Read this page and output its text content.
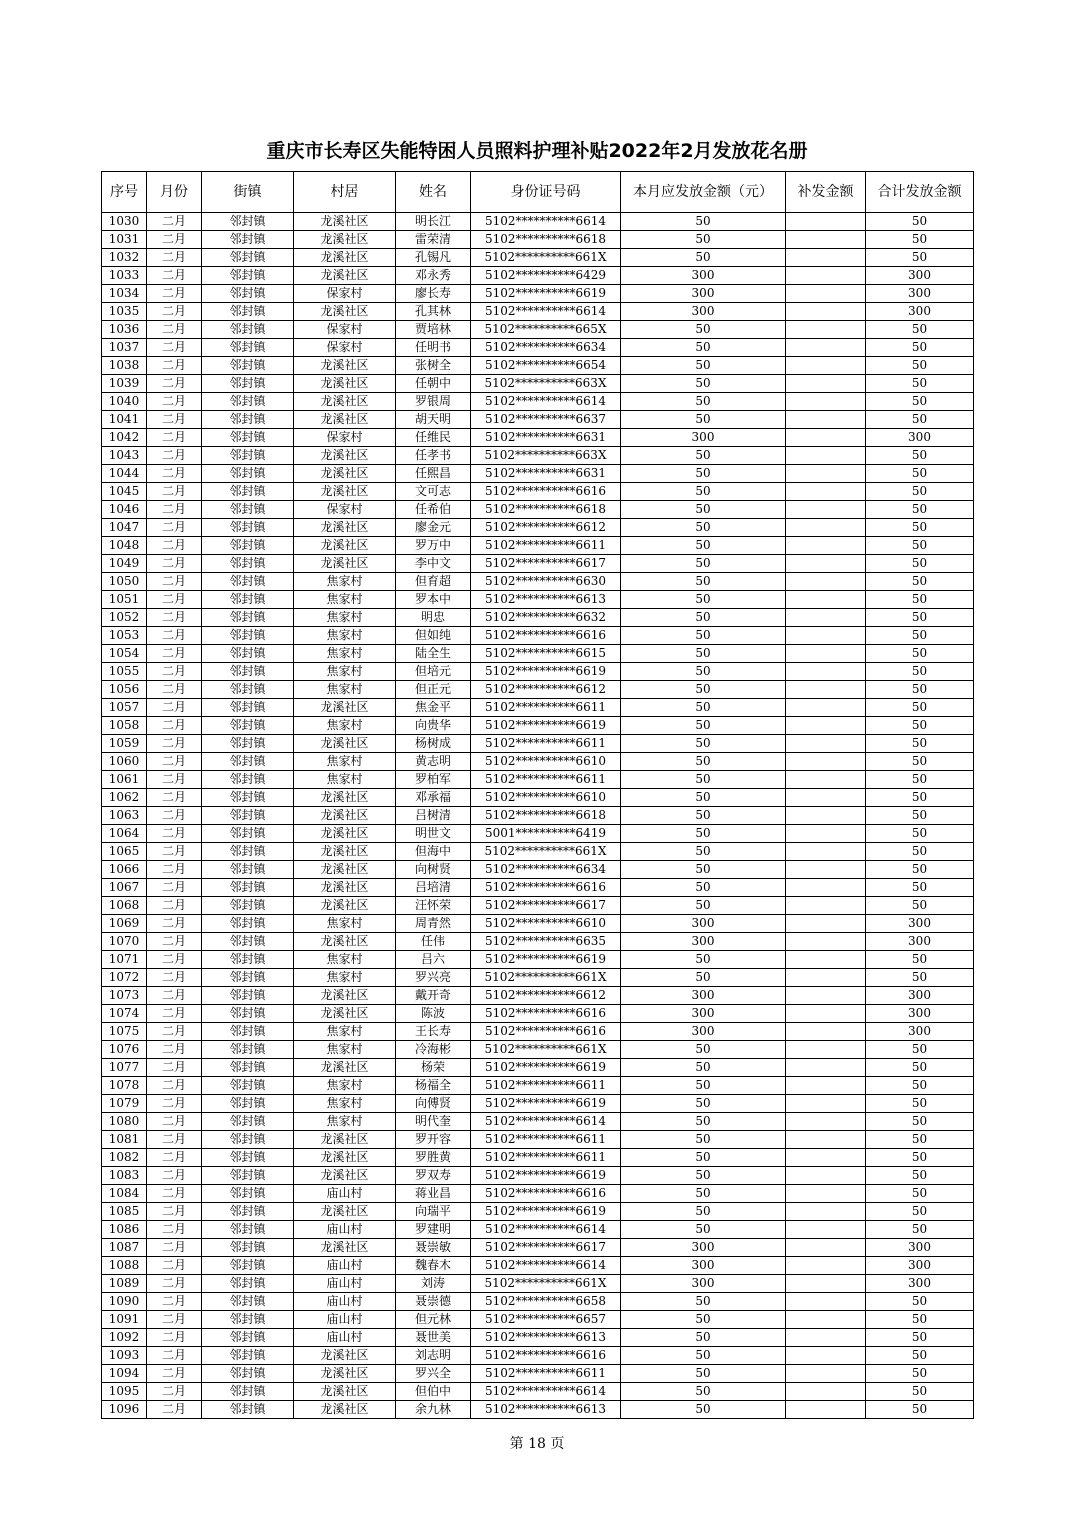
重庆市长寿区失能特困人员照料护理补贴2022年2月发放花名册
序号	月份	街镇	村居	姓名	身份证号码	本月应发放金额（元）	补发金额	合计发放金额
1030	二月	邻封镇	龙溪社区	明长江	5102**********6614	50		50
1031	二月	邻封镇	龙溪社区	雷荣清	5102**********6618	50		50
1032	二月	邻封镇	龙溪社区	孔锡凡	5102**********661X	50		50
1033	二月	邻封镇	龙溪社区	邓永秀	5102**********6429	300		300
1034	二月	邻封镇	保家村	廖长寿	5102**********6619	300		300
1035	二月	邻封镇	龙溪社区	孔其林	5102**********6614	300		300
1036	二月	邻封镇	保家村	贾培林	5102**********665X	50		50
1037	二月	邻封镇	保家村	任明书	5102**********6634	50		50
1038	二月	邻封镇	龙溪社区	张树全	5102**********6654	50		50
1039	二月	邻封镇	龙溪社区	任朝中	5102**********663X	50		50
1040	二月	邻封镇	龙溪社区	罗银周	5102**********6614	50		50
1041	二月	邻封镇	龙溪社区	胡天明	5102**********6637	50		50
1042	二月	邻封镇	保家村	任维民	5102**********6631	300		300
1043	二月	邻封镇	龙溪社区	任孝书	5102**********663X	50		50
1044	二月	邻封镇	龙溪社区	任熙昌	5102**********6631	50		50
1045	二月	邻封镇	龙溪社区	文可志	5102**********6616	50		50
1046	二月	邻封镇	保家村	任希伯	5102**********6618	50		50
1047	二月	邻封镇	龙溪社区	廖金元	5102**********6612	50		50
1048	二月	邻封镇	龙溪社区	罗万中	5102**********6611	50		50
1049	二月	邻封镇	龙溪社区	李中文	5102**********6617	50		50
1050	二月	邻封镇	焦家村	但育超	5102**********6630	50		50
1051	二月	邻封镇	焦家村	罗本中	5102**********6613	50		50
1052	二月	邻封镇	焦家村	明忠	5102**********6632	50		50
1053	二月	邻封镇	焦家村	但如纯	5102**********6616	50		50
1054	二月	邻封镇	焦家村	陆全生	5102**********6615	50		50
1055	二月	邻封镇	焦家村	但培元	5102**********6619	50		50
1056	二月	邻封镇	焦家村	但正元	5102**********6612	50		50
1057	二月	邻封镇	龙溪社区	焦金平	5102**********6611	50		50
1058	二月	邻封镇	焦家村	向贵华	5102**********6619	50		50
1059	二月	邻封镇	龙溪社区	杨树成	5102**********6611	50		50
1060	二月	邻封镇	焦家村	黄志明	5102**********6610	50		50
1061	二月	邻封镇	焦家村	罗柏军	5102**********6611	50		50
1062	二月	邻封镇	龙溪社区	邓承福	5102**********6610	50		50
1063	二月	邻封镇	龙溪社区	吕树清	5102**********6618	50		50
1064	二月	邻封镇	龙溪社区	明世文	5001**********6419	50		50
1065	二月	邻封镇	龙溪社区	但海中	5102**********661X	50		50
1066	二月	邻封镇	龙溪社区	向树贤	5102**********6634	50		50
1067	二月	邻封镇	龙溪社区	吕培清	5102**********6616	50		50
1068	二月	邻封镇	龙溪社区	汪怀荣	5102**********6617	50		50
1069	二月	邻封镇	焦家村	周青然	5102**********6610	300		300
1070	二月	邻封镇	龙溪社区	任伟	5102**********6635	300		300
1071	二月	邻封镇	焦家村	吕六	5102**********6619	50		50
1072	二月	邻封镇	焦家村	罗兴亮	5102**********661X	50		50
1073	二月	邻封镇	龙溪社区	戴开奇	5102**********6612	300		300
1074	二月	邻封镇	龙溪社区	陈波	5102**********6616	300		300
1075	二月	邻封镇	焦家村	王长寿	5102**********6616	300		300
1076	二月	邻封镇	焦家村	冷海彬	5102**********661X	50		50
1077	二月	邻封镇	龙溪社区	杨荣	5102**********6619	50		50
1078	二月	邻封镇	焦家村	杨福全	5102**********6611	50		50
1079	二月	邻封镇	焦家村	向傅贤	5102**********6619	50		50
1080	二月	邻封镇	焦家村	明代奎	5102**********6614	50		50
1081	二月	邻封镇	龙溪社区	罗开容	5102**********6611	50		50
1082	二月	邻封镇	龙溪社区	罗胜黄	5102**********6611	50		50
1083	二月	邻封镇	龙溪社区	罗双寿	5102**********6619	50		50
1084	二月	邻封镇	庙山村	蒋业昌	5102**********6616	50		50
1085	二月	邻封镇	龙溪社区	向瑞平	5102**********6619	50		50
1086	二月	邻封镇	庙山村	罗建明	5102**********6614	50		50
1087	二月	邻封镇	龙溪社区	聂崇敏	5102**********6617	300		300
1088	二月	邻封镇	庙山村	魏春木	5102**********6614	300		300
1089	二月	邻封镇	庙山村	刘涛	5102**********661X	300		300
1090	二月	邻封镇	庙山村	聂崇德	5102**********6658	50		50
1091	二月	邻封镇	庙山村	但元林	5102**********6657	50		50
1092	二月	邻封镇	庙山村	聂世美	5102**********6613	50		50
1093	二月	邻封镇	龙溪社区	刘志明	5102**********6616	50		50
1094	二月	邻封镇	龙溪社区	罗兴全	5102**********6611	50		50
1095	二月	邻封镇	龙溪社区	但伯中	5102**********6614	50		50
1096	二月	邻封镇	龙溪社区	余九林	5102**********6613	50		50
第 18 页
